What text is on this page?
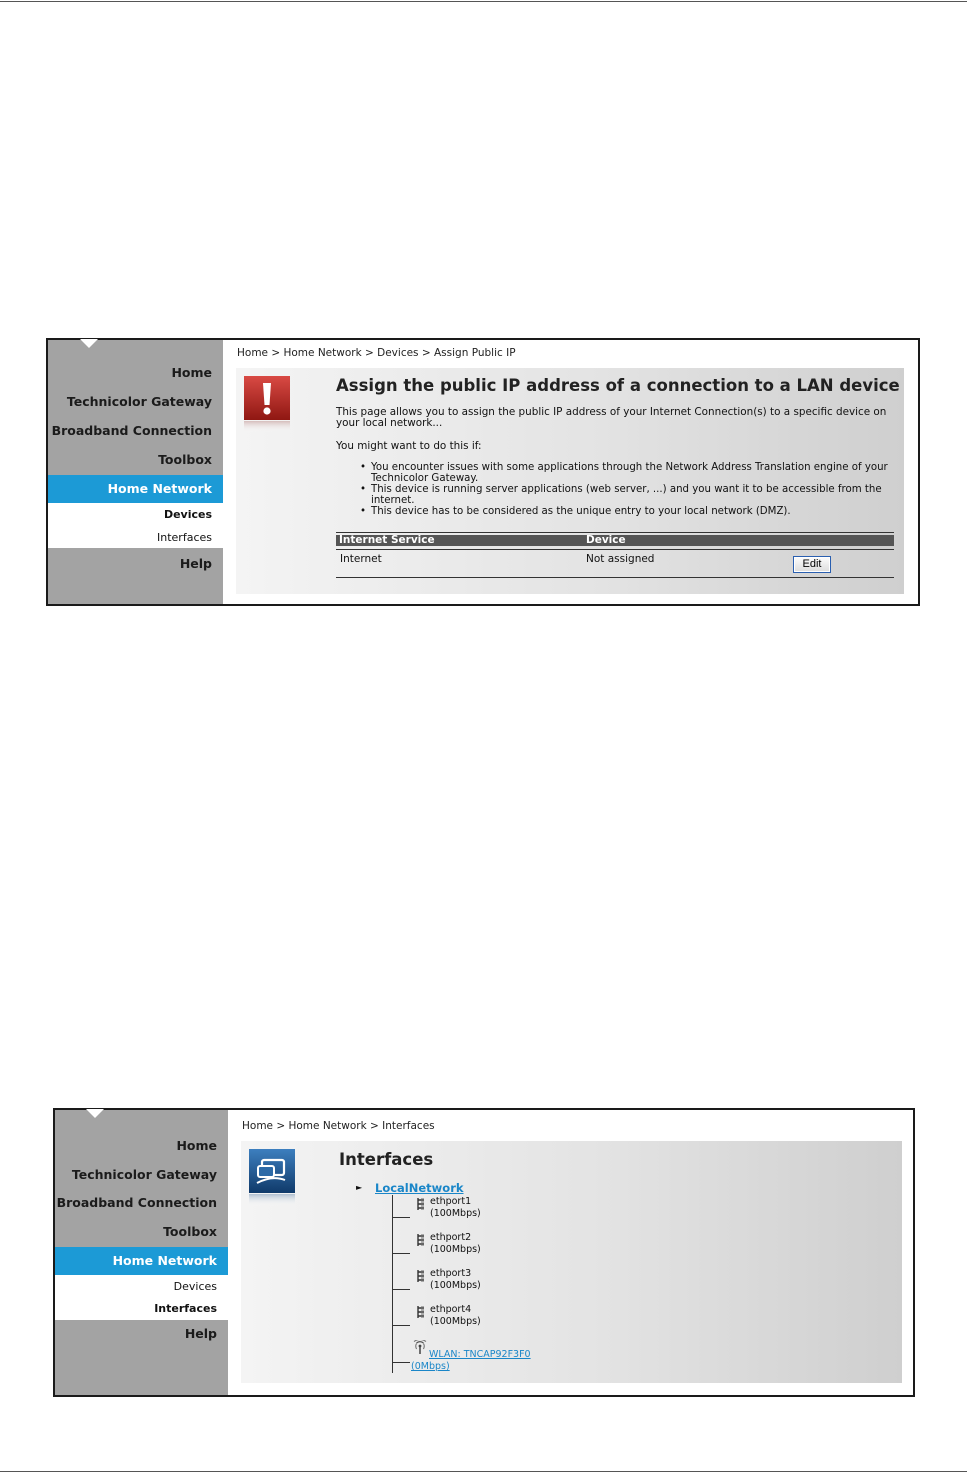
Home
Technicolor Gateway
Broadband Connection
Toolbox
Home Network
Devices
Interfaces
Help
Home > Home Network > Devices > Assign Public IP
Assign the public IP address of a connection to a LAN device
This page allows you to assign the public IP address of your Internet Connection(s) to a specific device on your local network...
You might want to do this if:
• You encounter issues with some applications through the Network Address Translation engine of your Technicolor Gateway.
• This device is running server applications (web server, ...) and you want it to be accessible from the internet.
• This device has to be considered as the unique entry to your local network (DMZ).
Internet Service	Device
Internet	Not assigned	Edit
Home
Technicolor Gateway
Broadband Connection
Toolbox
Home Network
Devices
Interfaces
Help
Home > Home Network > Interfaces
Interfaces
► LocalNetwork
ethport1
(100Mbps)
ethport2
(100Mbps)
ethport3
(100Mbps)
ethport4
(100Mbps)
WLAN: TNCAP92F3F0
(0Mbps)
